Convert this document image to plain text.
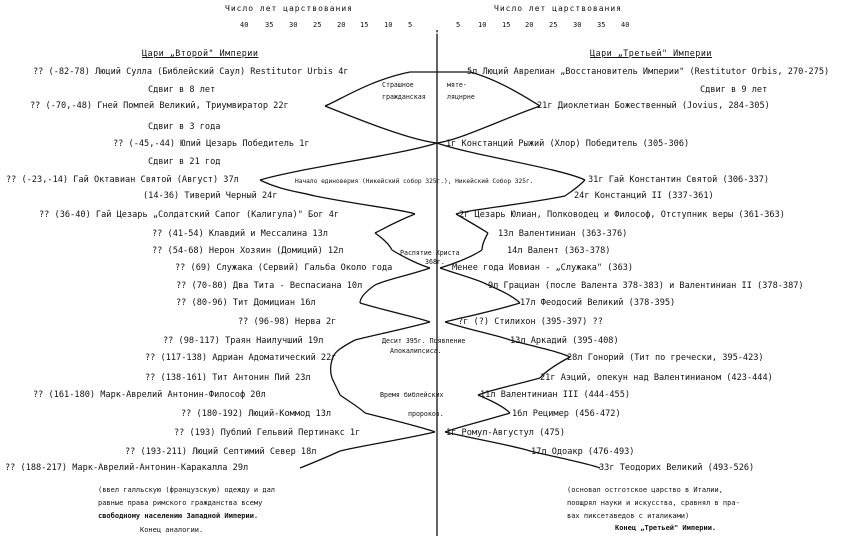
Число лет царствования	Число лет царствования
40 35 30 25 20 15 10 5	5	10 15 20 25 30 35 40
Цари „Второй" Империи	Цари „Третьей" Империи
?? (-82-78) Люций Сулла (Библейский Саул) Restitutor Urbis 4г
Сдвиг в 8 лет
?? (-70,-48) Гней Помпей Великий, Триумвиратор 22г
Сдвиг в 3 года
?? (-45,-44) Юлий Цезарь Победитель 1г
Сдвиг в 21 год
?? (-23,-14) Гай Октавиан Святой (Август) 37л
(14-36) Тиверий Черный 24г
?? (36-40) Гай Цезарь „Солдатский Сапог (Калигула)" Бог 4г
?? (41-54) Клавдий и Мессалина 13л
?? (54-68) Нерон Хозяин (Домиций) 12л
?? (69) Служака (Сервий) Гальба Около года
?? (70-80) Два Тита - Веспасиана 10л
?? (80-96) Тит Домициан 16л
?? (96-98) Нерва 2г
?? (98-117) Траян Наилучший 19л
?? (117-138) Адриан Адоматический 22г
?? (138-161) Тит Антонин Пий 23л
?? (161-180) Марк-Аврелий Антонин-Философ 20л
?? (180-192) Люций-Коммод 13л
?? (193) Публий Гельвий Пертинакс 1г
?? (193-211) Люций Септимий Север 18л
?? (188-217) Марк-Аврелий-Антонин-Каракалла 29л
(ввел галльскую (французскую) одежду и дал
равные права римского гражданства всему
свободному населению Западной Империи.
Конец аналогии.
5л Люций Аврелиан „Восстановитель Империи" (Restitutor Orbis, 270-275)
Сдвиг в 9 лет
21г Диоклетиан Божественный (Jovius, 284-305)
1г Констанций Рыжий (Хлор) Победитель (305-306)
31г Гай Константин Святой (306-337)
24г Констанций II (337-361)
2г Цезарь Юлиан, Полководец и Философ, Отступник веры (361-363)
13л Валентиниан (363-376)
14л Валент (363-378)
Менее года Иовиан - „Служака" (363)
9л Грациан (после Валента 378-383) и Валентиниан II (378-387)
17л Феодосий Великий (378-395)
?г (?) Стилихон (395-397) ??
13л Аркадий (395-408)
28л Гонорий (Тит по гречески, 395-423)
21г Аэций, опекун над Валентинианом (423-444)
11л Валентиниан III (444-455)
16л Рецимер (456-472)
1г Ромул-Августул (475)
17л Одоакр (476-493)
33г Теодорих Великий (493-526)
(основал остготское царство в Италии,
поощрял науки и искусства, сравнял в пра-
вах пиксетаведов с италиками)
Конец „Третьей" Империи.
Страшное	мяте-
гражданская	ляцнрне
Начало единоверия (Никейский собор 325г.), Никейский Собор 325г.
Распятие Христа
368г.
Десит 395г. Появление
Апокалипсиса.
Время библейских
пророков.
